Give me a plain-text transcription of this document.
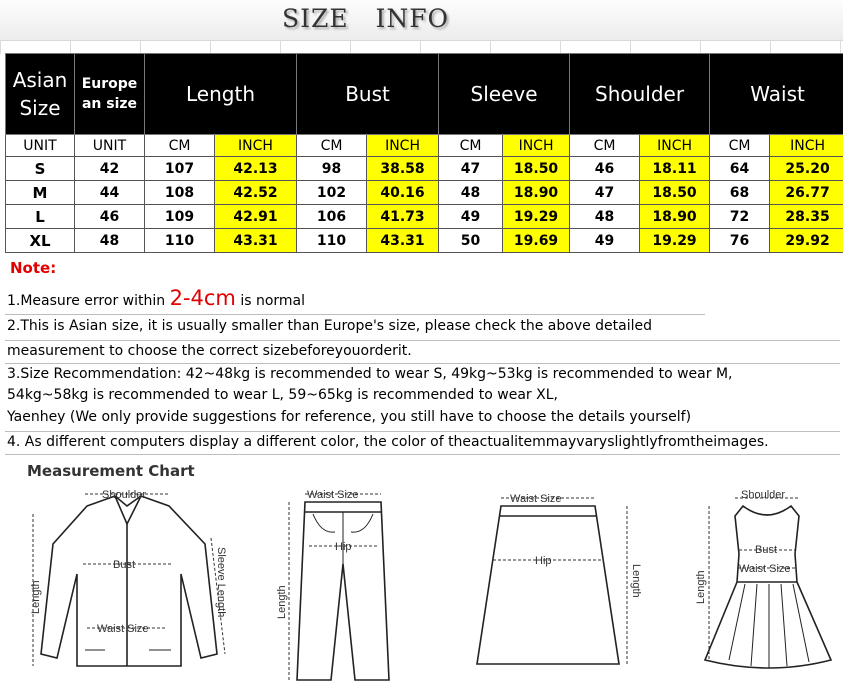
SIZE   INFO
Asian
Size	Europe
an size	Length		Bust		Sleeve		Shoulder		Waist	
UNIT	UNIT	CM	INCH	CM	INCH	CM	INCH	CM	INCH	CM	INCH
S	42	107	42.13	98	38.58	47	18.50	46	18.11	64	25.20
M	44	108	42.52	102	40.16	48	18.90	47	18.50	68	26.77
L	46	109	42.91	106	41.73	49	19.29	48	18.90	72	28.35
XL	48	110	43.31	110	43.31	50	19.69	49	19.29	76	29.92
Note:
1.Measure error within 2-4cm is normal
2.This is Asian size, it is usually smaller than Europe's size, please check the above detailed
measurement to choose the correct sizebeforeyouorderit.
3.Size Recommendation: 42~48kg is recommended to wear S, 49kg~53kg is recommended to wear M,
54kg~58kg is recommended to wear L, 59~65kg is recommended to wear XL,
Yaenhey (We only provide suggestions for reference, you still have to choose the details yourself)
4. As different computers display a different color, the color of theactualitemmayvaryslightlyfromtheimages.
Measurement Chart
Shoulder
Bust
Waist Size
Length	Sleeve Length
Waist Size
Hip
Length
Waist Size
Hip
Length
Shoulder
Bust
Waist Size
Length
